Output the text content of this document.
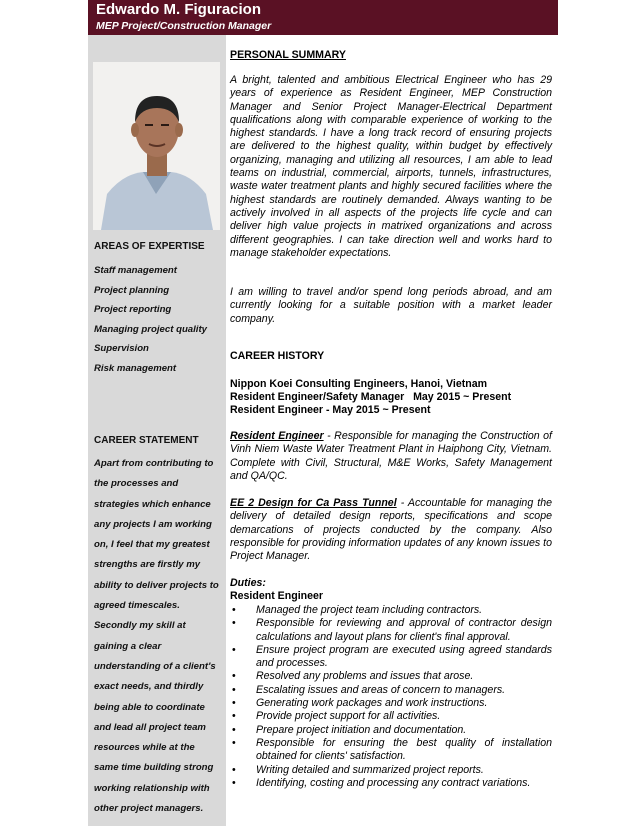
Edwardo M. Figuracion
MEP Project/Construction Manager
AREAS OF EXPERTISE
Staff management
Project planning
Project reporting
Managing project quality
Supervision
Risk management
CAREER STATEMENT
Apart from contributing to
the processes and
strategies which enhance
any projects I am working
on, I feel that my greatest
strengths are firstly my
ability to deliver projects to
agreed timescales.
Secondly my skill at
gaining a clear
understanding of a client's
exact needs, and thirdly
being able to coordinate
and lead all project team
resources while at the
same time building strong
working relationship with
other project managers.
PERSONAL SUMMARY

A bright, talented and ambitious Electrical Engineer who has 29 years of experience as Resident Engineer, MEP Construction Manager and Senior Project Manager-Electrical Department qualifications along with comparable experience of working to the highest standards. I have a long track record of ensuring projects are delivered to the highest quality, within budget by effectively organizing, managing and utilizing all resources, I am able to lead teams on industrial, commercial, airports, tunnels, infrastructures, waste water treatment plants and highly secured facilities where the highest standards are routinely demanded. Always wanting to be actively involved in all aspects of the projects life cycle and can deliver high value projects in matrixed organizations and across different geographies. I can take direction well and works hard to manage stakeholder expectations.

I am willing to travel and/or spend long periods abroad, and am currently looking for a suitable position with a market leader company.

CAREER HISTORY
Nippon Koei Consulting Engineers, Hanoi, Vietnam
Resident Engineer/Safety Manager   May 2015 ~ Present
Resident Engineer - May 2015 ~ Present

Resident Engineer - Responsible for managing the Construction of Vinh Niem Waste Water Treatment Plant in Haiphong City, Vietnam. Complete with Civil, Structural, M&E Works, Safety Management and QA/QC.

EE 2 Design for Ca Pass Tunnel - Accountable for managing the delivery of detailed design reports, specifications and scope demarcations of projects conducted by the company. Also responsible for providing information updates of any known issues to Project Manager.

Duties:
Resident Engineer
• Managed the project team including contractors.
• Responsible for reviewing and approval of contractor design calculations and layout plans for client's final approval.
• Ensure project program are executed using agreed standards and processes.
• Resolved any problems and issues that arose.
• Escalating issues and areas of concern to managers.
• Generating work packages and work instructions.
• Provide project support for all activities.
• Prepare project initiation and documentation.
• Responsible for ensuring the best quality of installation obtained for clients' satisfaction.
• Writing detailed and summarized project reports.
• Identifying, costing and processing any contract variations.
